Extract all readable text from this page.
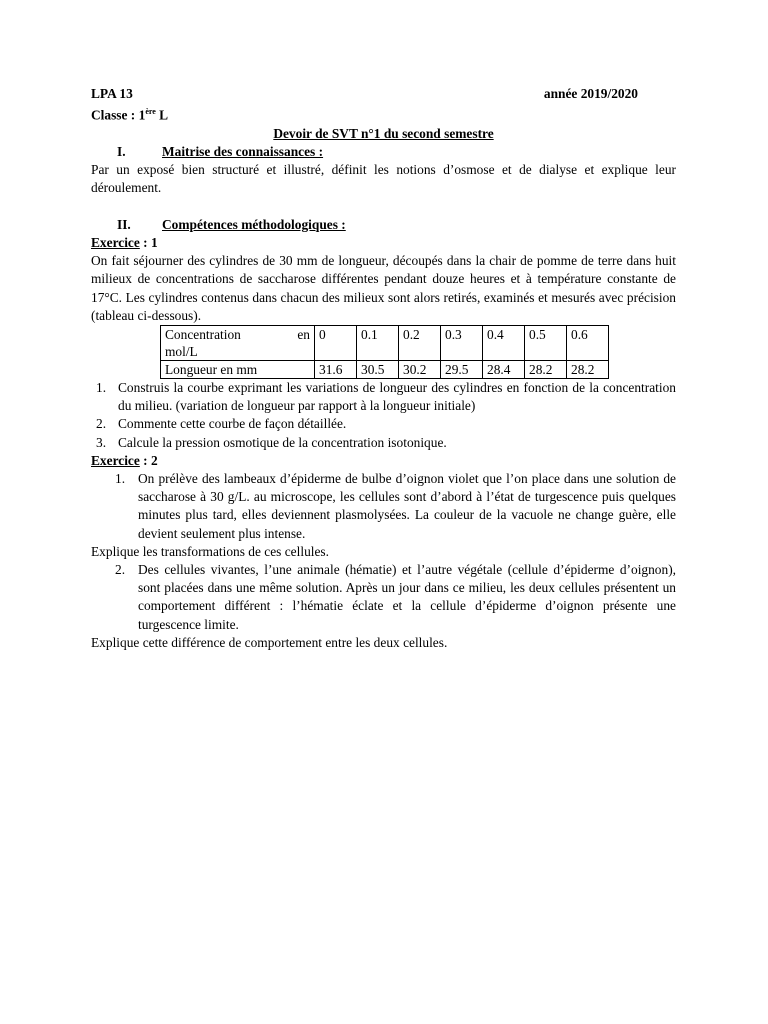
LPA 13	année 2019/2020
Classe : 1ère L
Devoir de SVT n°1 du second semestre
I.	Maitrise des connaissances :
Par un exposé bien structuré et illustré, définit les notions d’osmose et de dialyse et explique leur déroulement.
II.	Compétences méthodologiques :
Exercice : 1
On fait séjourner des cylindres de 30 mm de longueur, découpés dans la chair de pomme de terre dans huit milieux de concentrations de saccharose différentes pendant douze heures et à température constante de 17°C. Les cylindres contenus dans chacun des milieux sont alors retirés, examinés et mesurés avec précision (tableau ci-dessous).
Concentration en
mol/L	0	0.1	0.2	0.3	0.4	0.5	0.6
Longueur en mm	31.6	30.5	30.2	29.5	28.4	28.2	28.2
1. Construis la courbe exprimant les variations de longueur des cylindres en fonction de la concentration du milieu. (variation de longueur par rapport à la longueur initiale)
2. Commente cette courbe de façon détaillée.
3. Calcule la pression osmotique de la concentration isotonique.
Exercice : 2
1. On prélève des lambeaux d’épiderme de bulbe d’oignon violet que l’on place dans une solution de saccharose à 30 g/L. au microscope, les cellules sont d’abord à l’état de turgescence puis quelques minutes plus tard, elles deviennent plasmolysées. La couleur de la vacuole ne change guère, elle devient seulement plus intense.
Explique les transformations de ces cellules.
2. Des cellules vivantes, l’une animale (hématie) et l’autre végétale (cellule d’épiderme d’oignon), sont placées dans une même solution. Après un jour dans ce milieu, les deux cellules présentent un comportement différent : l’hématie éclate et la cellule d’épiderme d’oignon présente une turgescence limite.
Explique cette différence de comportement entre les deux cellules.
